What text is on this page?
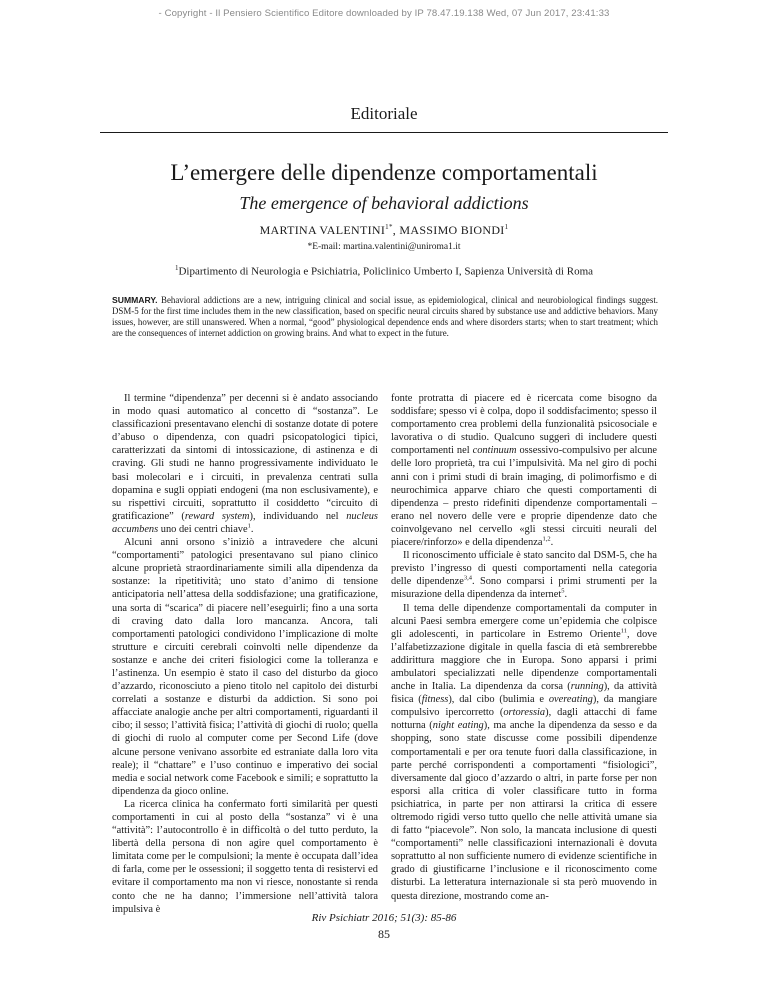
- Copyright - Il Pensiero Scientifico Editore downloaded by IP 78.47.19.138 Wed, 07 Jun 2017, 23:41:33
Editoriale
L’emergere delle dipendenze comportamentali
The emergence of behavioral addictions
MARTINA $VALENTINI^{1*}$, MASSIMO BIONDI$^1$
*E-mail: martina.valentini@uniroma1.it
$^1$Dipartimento di Neurologia e Psichiatria, Policlinico Umberto I, Sapienza Università di Roma
SUMMARY. Behavioral addictions are a new, intriguing clinical and social issue, as epidemiological, clinical and neurobiological findings suggest. DSM-5 for the first time includes them in the new classification, based on specific neural circuits shared by substance use and addictive behaviors. Many issues, however, are still unanswered. When a normal, “good” physiological dependence ends and where disorders starts; when to start treatment; which are the consequences of internet addiction on growing brains. And what to expect in the future.

Il termine “dipendenza” per decenni si è andato associando in modo quasi automatico al concetto di “sostanza”. Le classificazioni presentavano elenchi di sostanze dotate di potere d’abuso o dipendenza, con quadri psicopatologici tipici, caratterizzati da sintomi di intossicazione, di astinenza e di craving. Gli studi ne hanno progressivamente individuato le basi molecolari e i circuiti, in prevalenza centrati sulla dopamina e sugli oppiati endogeni (ma non esclusivamente), e su rispettivi circuiti, soprattutto il cosiddetto “circuito di gratificazione” (reward system), individuando nel nucleus accumbens uno dei centri chiave$^1$.

Alcuni anni orsono s’iniziò a intravedere che alcuni “comportamenti” patologici presentavano sul piano clinico alcune proprietà straordinariamente simili alla dipendenza da sostanze: la ripetitività; uno stato d’animo di tensione anticipatoria nell’attesa della soddisfazione; una gratificazione, una sorta di “scarica” di piacere nell’eseguirli; fino a una sorta di craving dato dalla loro mancanza. Ancora, tali comportamenti patologici condividono l’implicazione di molte strutture e circuiti cerebrali coinvolti nelle dipendenze da sostanze e anche dei criteri fisiologici come la tolleranza e l’astinenza. Un esempio è stato il caso del disturbo da gioco d’azzardo, riconosciuto a pieno titolo nel capitolo dei disturbi correlati a sostanze e disturbi da addiction. Si sono poi affacciate analogie anche per altri comportamenti, riguardanti il cibo; il sesso; l’attività fisica; l’attività di giochi di ruolo; quella di giochi di ruolo al computer come per Second Life (dove alcune persone venivano assorbite ed estraniate dalla loro vita reale); il “chattare” e l’uso continuo e imperativo dei social media e social network come Facebook e simili; e soprattutto la dipendenza da gioco online.

La ricerca clinica ha confermato forti similarità per questi comportamenti in cui al posto della “sostanza” vi è una “attività”: l’autocontrollo è in difficoltà o del tutto perduto, la libertà della persona di non agire quel comportamento è limitata come per le compulsioni; la mente è occupata dall’idea di farla, come per le ossessioni; il soggetto tenta di resistervi ed evitare il comportamento ma non vi riesce, nonostante si renda conto che ne ha danno; l’immersione nell’attività talora impulsiva è

fonte protratta di piacere ed è ricercata come bisogno da soddisfare; spesso vi è colpa, dopo il soddisfacimento; spesso il comportamento crea problemi della funzionalità psicosociale e lavorativa o di studio. Qualcuno suggerì di includere questi comportamenti nel continuum ossessivo-compulsivo per alcune delle loro proprietà, tra cui l’impulsività. Ma nel giro di pochi anni con i primi studi di brain imaging, di polimorfismo e di neurochimica apparve chiaro che questi comportamenti di dipendenza – presto ridefiniti dipendenze comportamentali – erano nel novero delle vere e proprie dipendenze dato che coinvolgevano nel cervello «gli stessi circuiti neurali del piacere/rinforzo» e della dipendenza$^{1,2}$.

Il riconoscimento ufficiale è stato sancito dal DSM-5, che ha previsto l’ingresso di questi comportamenti nella categoria delle dipendenze$^{3,4}$. Sono comparsi i primi strumenti per la misurazione della dipendenza da internet$^5$.

Il tema delle dipendenze comportamentali da computer in alcuni Paesi sembra emergere come un’epidemia che colpisce gli adolescenti, in particolare in Estremo Oriente$^{11}$, dove l’alfabetizzazione digitale in quella fascia di età sembrerebbe addirittura maggiore che in Europa. Sono apparsi i primi ambulatori specializzati nelle dipendenze comportamentali anche in Italia. La dipendenza da corsa (running), da attività fisica (fitness), dal cibo (bulimia e overeating), da mangiare compulsivo ipercorretto (ortoressia), dagli attacchi di fame notturna (night eating), ma anche la dipendenza da sesso e da shopping, sono state discusse come possibili dipendenze comportamentali e per ora tenute fuori dalla classificazione, in parte perché corrispondenti a comportamenti “fisiologici”, diversamente dal gioco d’azzardo o altri, in parte forse per non esporsi alla critica di voler classificare tutto in forma psichiatrica, in parte per non attirarsi la critica di essere oltremodo rigidi verso tutto quello che nelle attività umane sia di fatto “piacevole”. Non solo, la mancata inclusione di questi “comportamenti” nelle classificazioni internazionali è dovuta soprattutto al non sufficiente numero di evidenze scientifiche in grado di giustificarne l’inclusione e il riconoscimento come disturbi. La letteratura internazionale si sta però muovendo in questa direzione, mostrando come an-

Riv Psichiatr 2016; 51(3): 85-86
85
